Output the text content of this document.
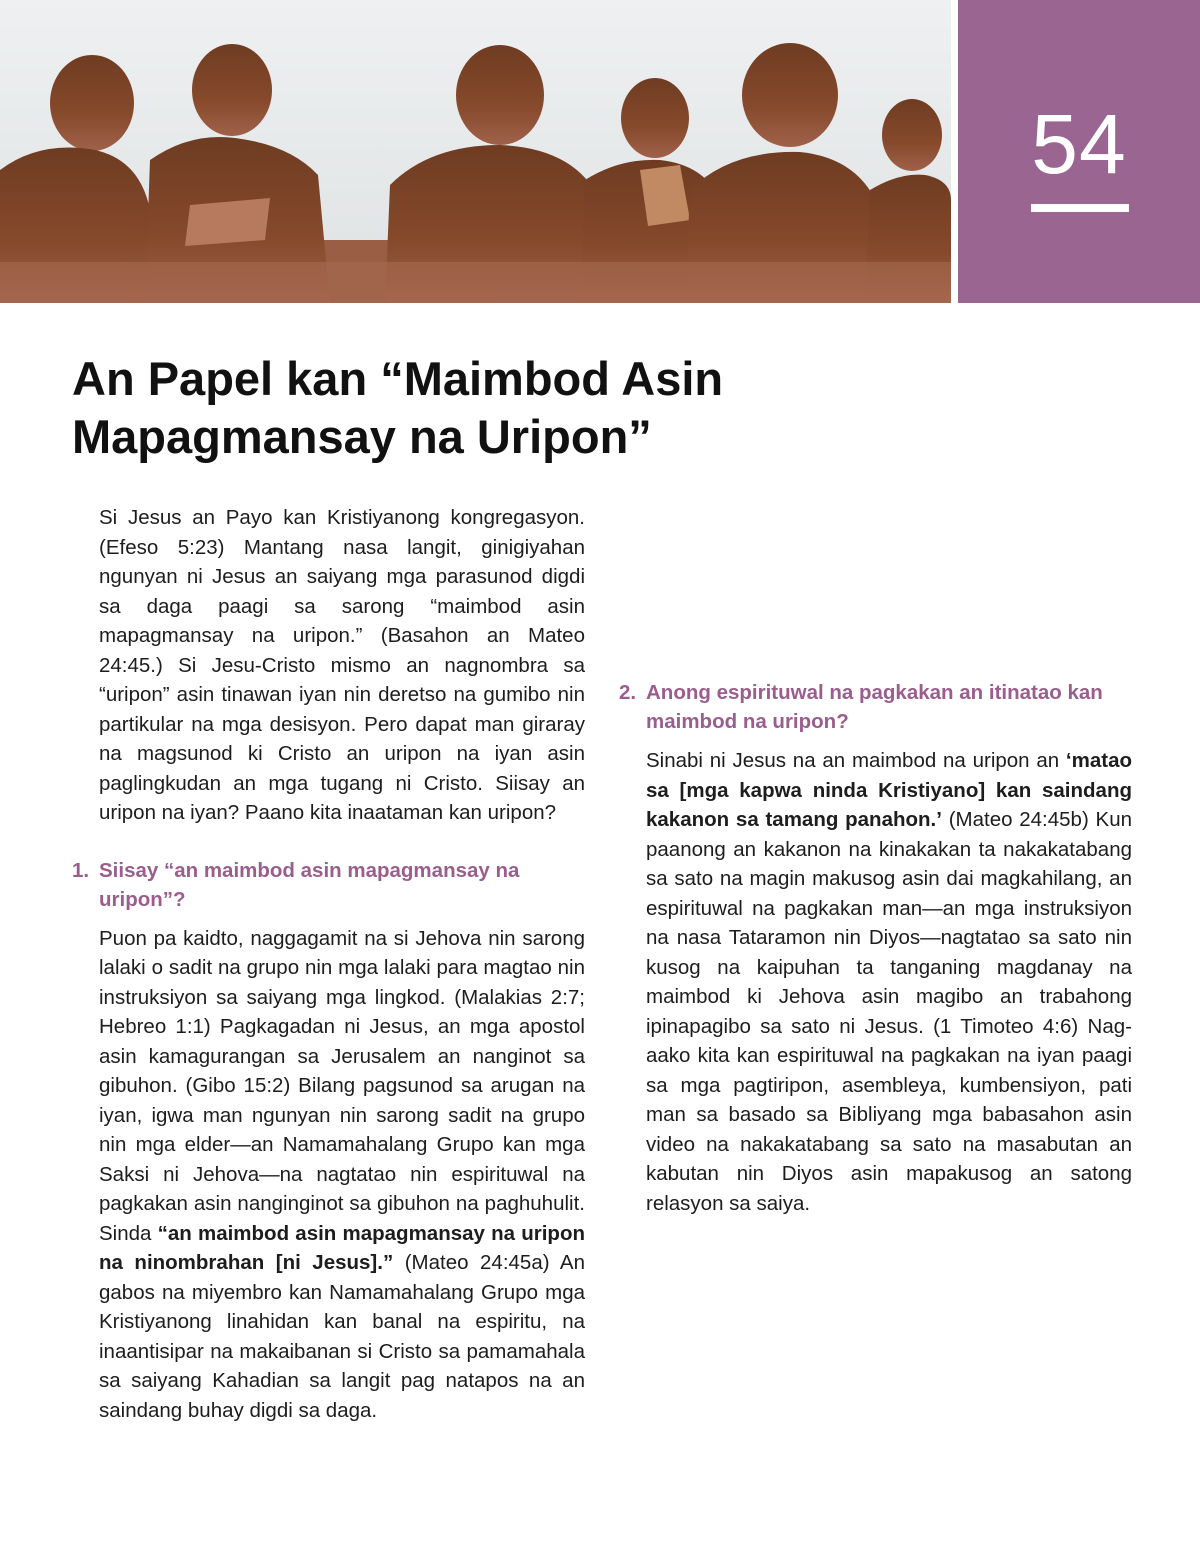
54
An Papel kan “Maimbod Asin
Mapagmansay na Uripon”

Si Jesus an Payo kan Kristiyanong kongregasyon. (Efeso 5:23) Mantang nasa langit, ginigiyahan ngunyan ni Jesus an saiyang mga parasunod digdi sa daga paagi sa sarong “maimbod asin mapagmansay na uripon.” (Basahon an Mateo 24:45.) Si Jesu-Cristo mismo an nagnombra sa “uripon” asin tinawan iyan nin deretso na gumibo nin partikular na mga desisyon. Pero dapat man giraray na magsunod ki Cristo an uripon na iyan asin paglingkudan an mga tugang ni Cristo. Siisay an uripon na iyan? Paano kita inaataman kan uripon?

1. Siisay “an maimbod asin mapagmansay na uripon”?

Puon pa kaidto, naggagamit na si Jehova nin sarong lalaki o sadit na grupo nin mga lalaki para magtao nin instruksiyon sa saiyang mga lingkod. (Malakias 2:7; Hebreo 1:1) Pagkagadan ni Jesus, an mga apostol asin kamagurangan sa Jerusalem an nanginot sa gibuhon. (Gibo 15:2) Bilang pagsunod sa arugan na iyan, igwa man ngunyan nin sarong sadit na grupo nin mga elder—an Namamahalang Grupo kan mga Saksi ni Jehova—na nagtatao nin espirituwal na pagkakan asin nanginginot sa gibuhon na paghuhulit. Sinda “an maimbod asin mapagmansay na uripon na ninombrahan [ni Jesus].” (Mateo 24:45a) An gabos na miyembro kan Namamahalang Grupo mga Kristiyanong linahidan kan banal na espiritu, na inaantisipar na makaibanan si Cristo sa pamamahala sa saiyang Kahadian sa langit pag natapos na an saindang buhay digdi sa daga.

2. Anong espirituwal na pagkakan an itinatao kan maimbod na uripon?

Sinabi ni Jesus na an maimbod na uripon an ‘matao sa [mga kapwa ninda Kristiyano] kan saindang kakanon sa tamang panahon.’ (Mateo 24:45b) Kun paanong an kakanon na kinakakan ta nakakatabang sa sato na magin makusog asin dai magkahilang, an espirituwal na pagkakan man—an mga instruksiyon na nasa Tataramon nin Diyos—nagtatao sa sato nin kusog na kaipuhan ta tanganing magdanay na maimbod ki Jehova asin magibo an trabahong ipinapagibo sa sato ni Jesus. (1 Timoteo 4:6) Nag-aako kita kan espirituwal na pagkakan na iyan paagi sa mga pagtiripon, asembleya, kumbensiyon, pati man sa basado sa Bibliyang mga babasahon asin video na nakakatabang sa sato na masabutan an kabutan nin Diyos asin mapakusog an satong relasyon sa saiya.
